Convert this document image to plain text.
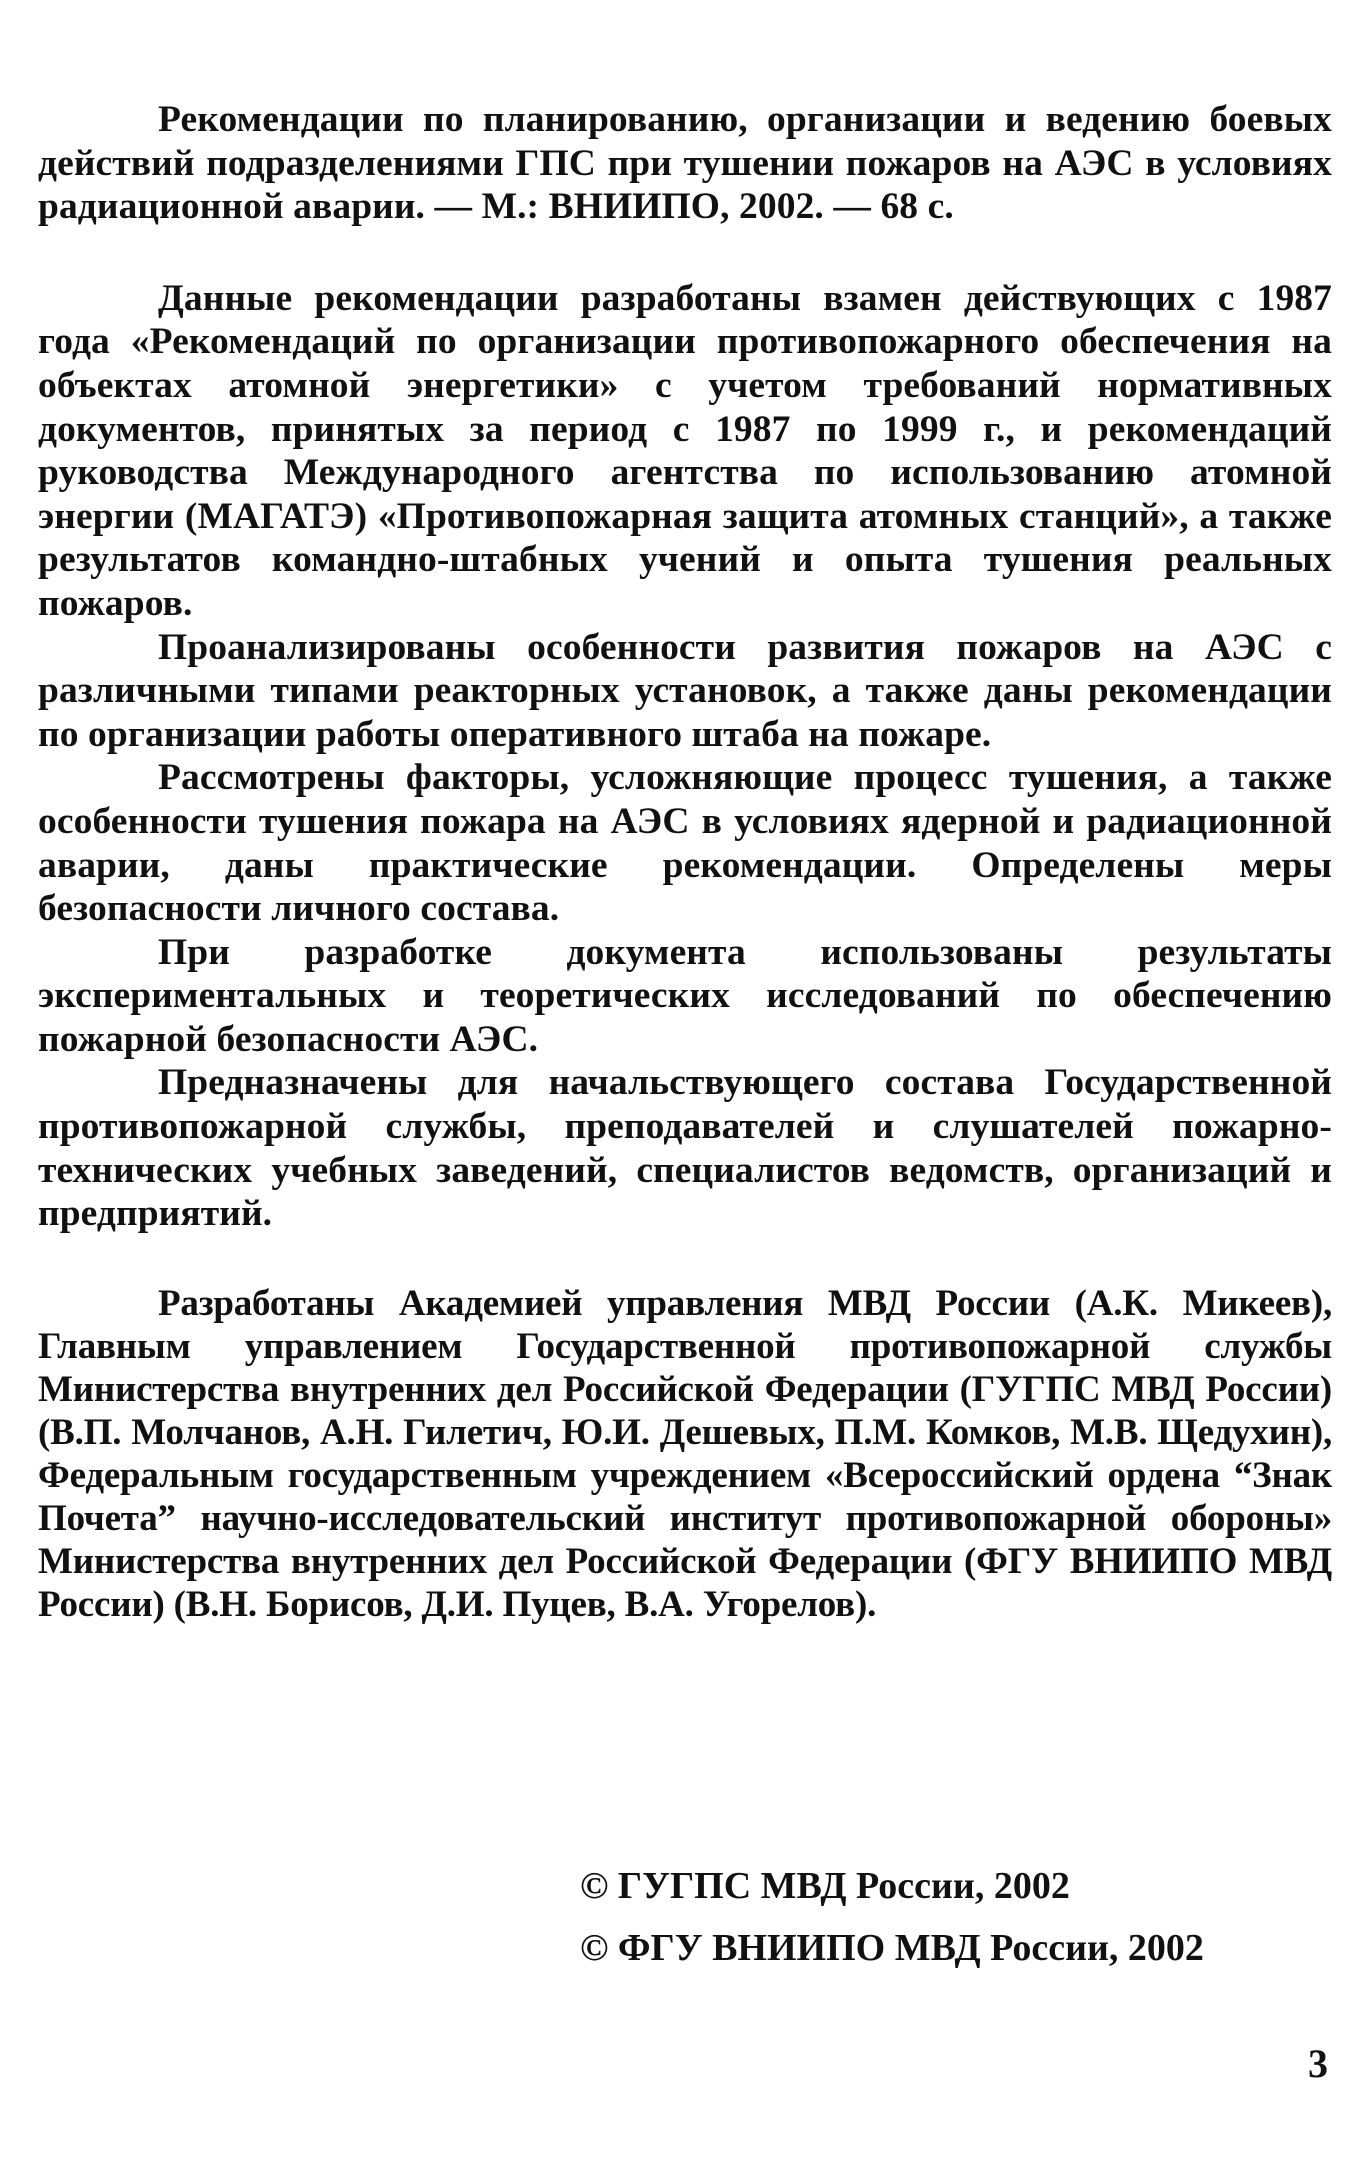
Рекомендации по планированию, организации и ведению боевых действий подразделениями ГПС при тушении пожаров на АЭС в условиях радиационной аварии. — М.: ВНИИПО, 2002. — 68 с.

Данные рекомендации разработаны взамен действующих с 1987 года «Рекомендаций по организации противопожарного обеспечения на объектах атомной энергетики» с учетом требований нормативных документов, принятых за период с 1987 по 1999 г., и рекомендаций руководства Международного агентства по использованию атомной энергии (МАГАТЭ) «Противопожарная защита атомных станций», а также результатов командно-штабных учений и опыта тушения реальных пожаров.

Проанализированы особенности развития пожаров на АЭС с различными типами реакторных установок, а также даны рекомендации по организации работы оперативного штаба на пожаре.

Рассмотрены факторы, усложняющие процесс тушения, а также особенности тушения пожара на АЭС в условиях ядерной и радиационной аварии, даны практические рекомендации. Определены меры безопасности личного состава.

При разработке документа использованы результаты экспериментальных и теоретических исследований по обеспечению пожарной безопасности АЭС.

Предназначены для начальствующего состава Государственной противопожарной службы, преподавателей и слушателей пожарно-технических учебных заведений, специалистов ведомств, организаций и предприятий.

Разработаны Академией управления МВД России (А.К. Микеев), Главным управлением Государственной противопожарной службы Министерства внутренних дел Российской Федерации (ГУГПС МВД России) (В.П. Молчанов, А.Н. Гилетич, Ю.И. Дешевых, П.М. Комков, М.В. Щедухин), Федеральным государственным учреждением «Всероссийский ордена “Знак Почета” научно-исследовательский институт противопожарной обороны» Министерства внутренних дел Российской Федерации (ФГУ ВНИИПО МВД России) (В.Н. Борисов, Д.И. Пуцев, В.А. Угорелов).

© ГУГПС МВД России, 2002
© ФГУ ВНИИПО МВД России, 2002
3
